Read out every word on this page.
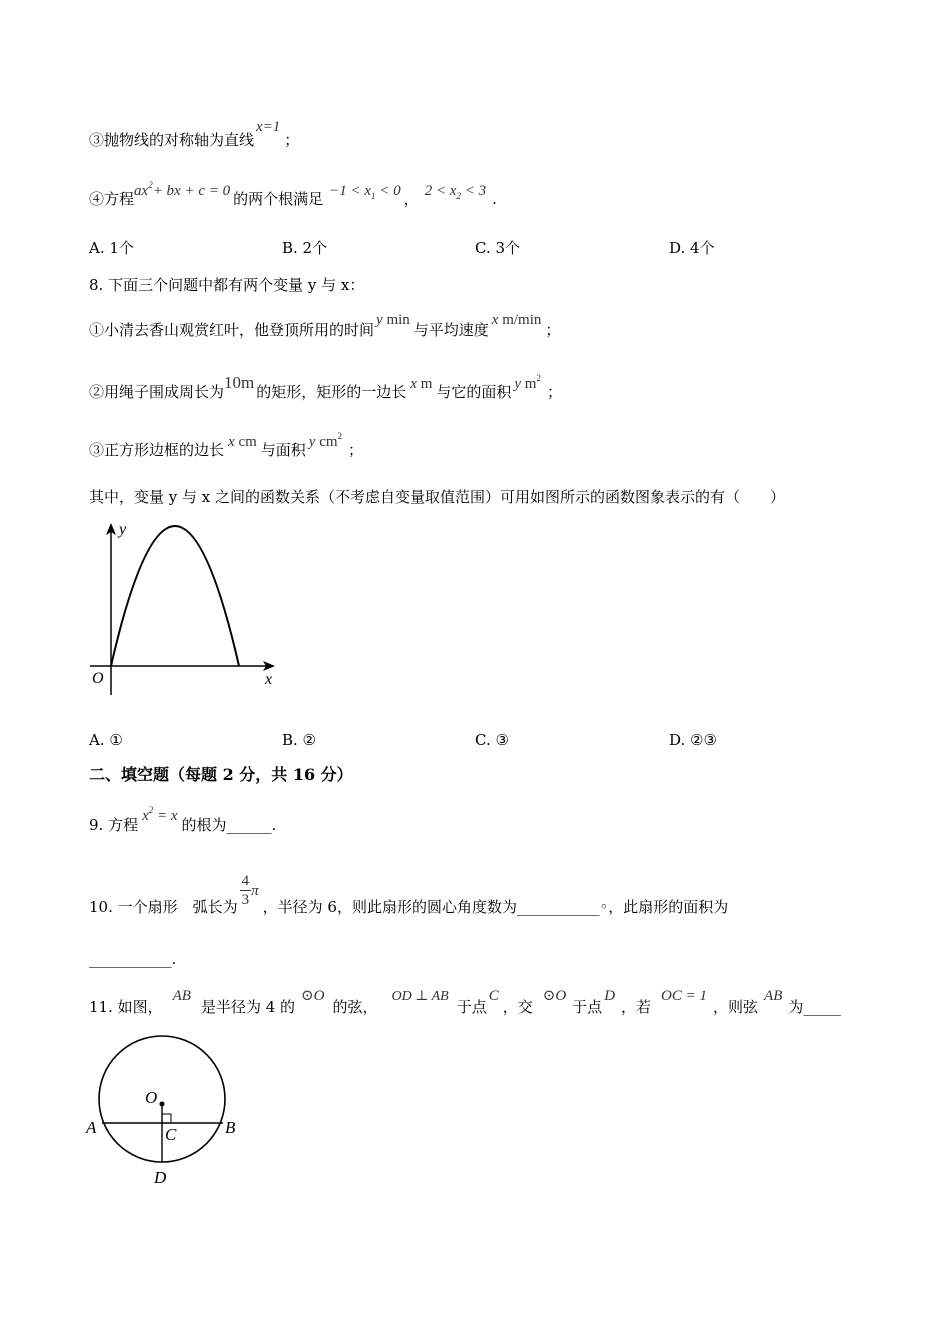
③抛物线的对称轴为直线x=1；
④方程$ax^2+$ bx + c = 0 的两个根满足 $-1 < x_1 < 0$ ， $2 < x_2 < 3$ .
A. 1个	B. 2个	C. 3个	D. 4个
8. 下面三个问题中都有两个变量 y 与 x：
①小清去香山观赏红叶，他登顶所用的时间y min与平均速度x m/min；
②用绳子围成周长为10m 的矩形，矩形的一边长 x m 与它的面积 y $m^2$；
③正方形边框的边长 x cm 与面积 y $cm^2$；
其中，变量 y 与 x 之间的函数关系（不考虑自变量取值范围）可用如图所示的函数图象表示的有（　　）
y
x
O
A. ①	B. ②	C. ③	D. ②③
二、填空题（每题 2 分，共 16 分）
9. 方程 $x^2 = x$ 的根为______.
10. 一个扇形　弧长为 $\frac{4}{3}$ π，半径为 6，则此扇形的圆心角度数为___________◦，此扇形的面积为
___________.
11. 如图，AB是半径为 4 的⊙O的弦，OD ⊥ AB于点C，交⊙O于点D，若OC = 1，则弦AB为_____
O
A	B
C
D
